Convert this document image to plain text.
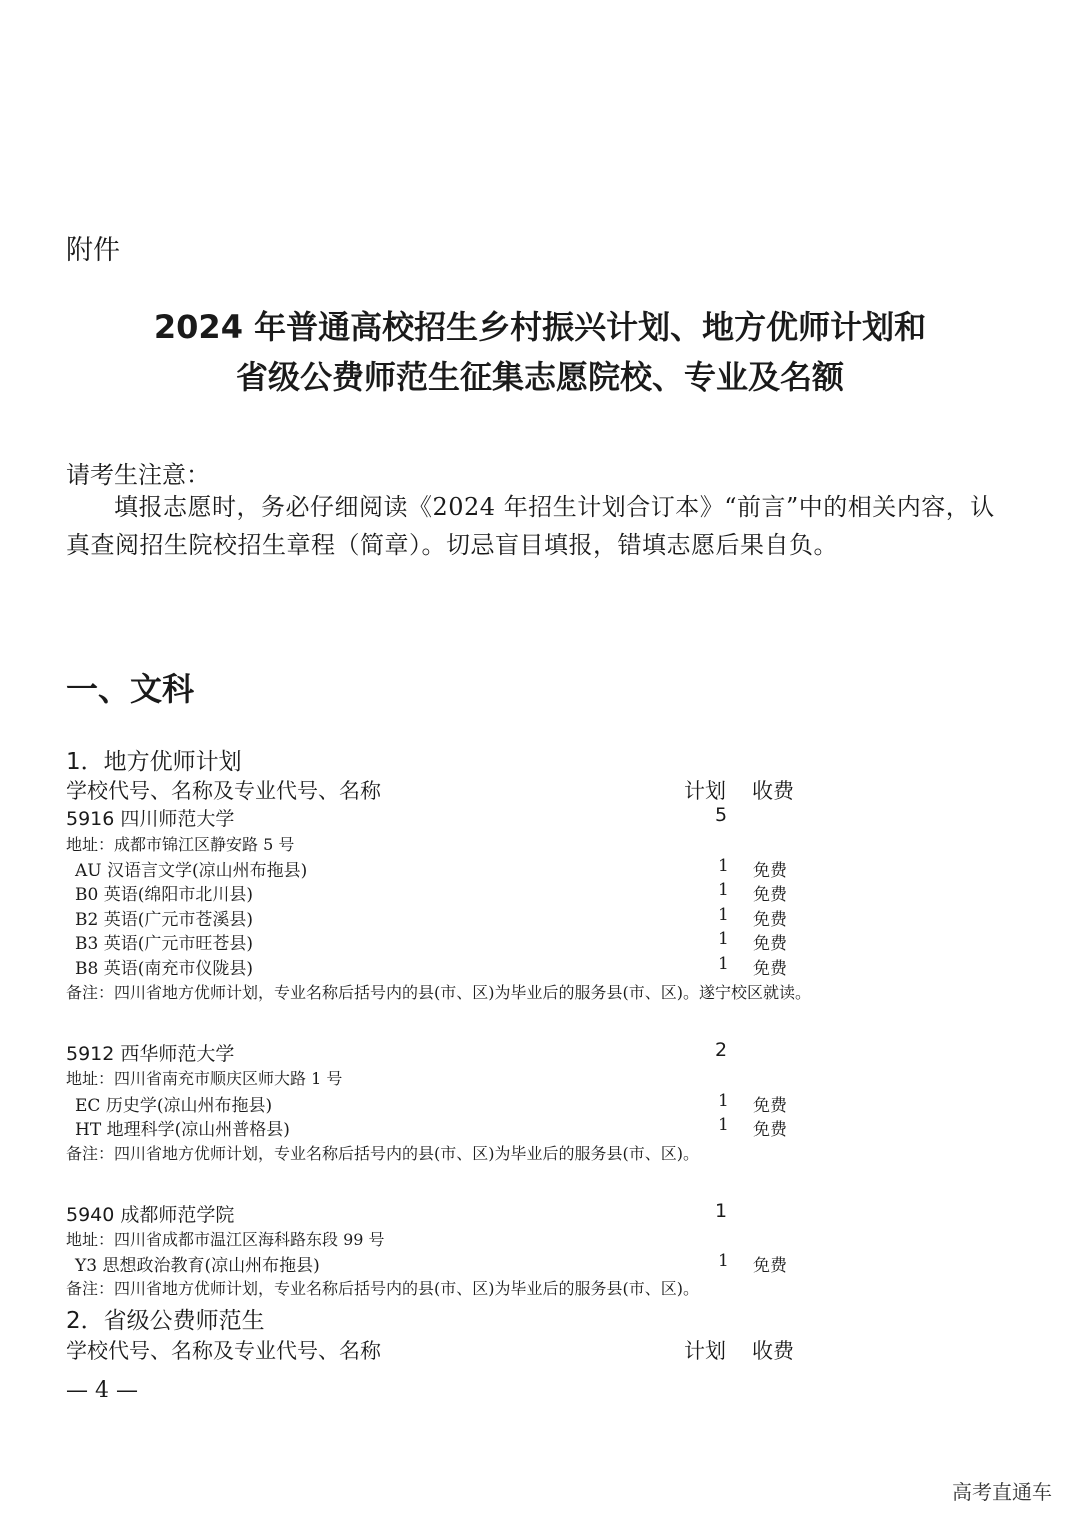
附件
2024 年普通高校招生乡村振兴计划、地方优师计划和
省级公费师范生征集志愿院校、专业及名额
请考生注意：
填报志愿时，务必仔细阅读《2024 年招生计划合订本》“前言”中的相关内容，认真查阅招生院校招生章程（简章）。切忌盲目填报，错填志愿后果自负。
一、文科
1．地方优师计划
学校代号、名称及专业代号、名称	计划 收费
5916 四川师范大学	5
地址：成都市锦江区静安路 5 号
AU 汉语言文学(凉山州布拖县)	1 免费
B0 英语(绵阳市北川县)	1 免费
B2 英语(广元市苍溪县)	1 免费
B3 英语(广元市旺苍县)	1 免费
B8 英语(南充市仪陇县)	1 免费
备注：四川省地方优师计划，专业名称后括号内的县(市、区)为毕业后的服务县(市、区)。遂宁校区就读。
5912 西华师范大学	2
地址：四川省南充市顺庆区师大路 1 号
EC 历史学(凉山州布拖县)	1 免费
HT 地理科学(凉山州普格县)	1 免费
备注：四川省地方优师计划，专业名称后括号内的县(市、区)为毕业后的服务县(市、区)。
5940 成都师范学院	1
地址：四川省成都市温江区海科路东段 99 号
Y3 思想政治教育(凉山州布拖县)	1 免费
备注：四川省地方优师计划，专业名称后括号内的县(市、区)为毕业后的服务县(市、区)。
2．省级公费师范生
学校代号、名称及专业代号、名称	计划 收费
— 4 —
高考直通车
